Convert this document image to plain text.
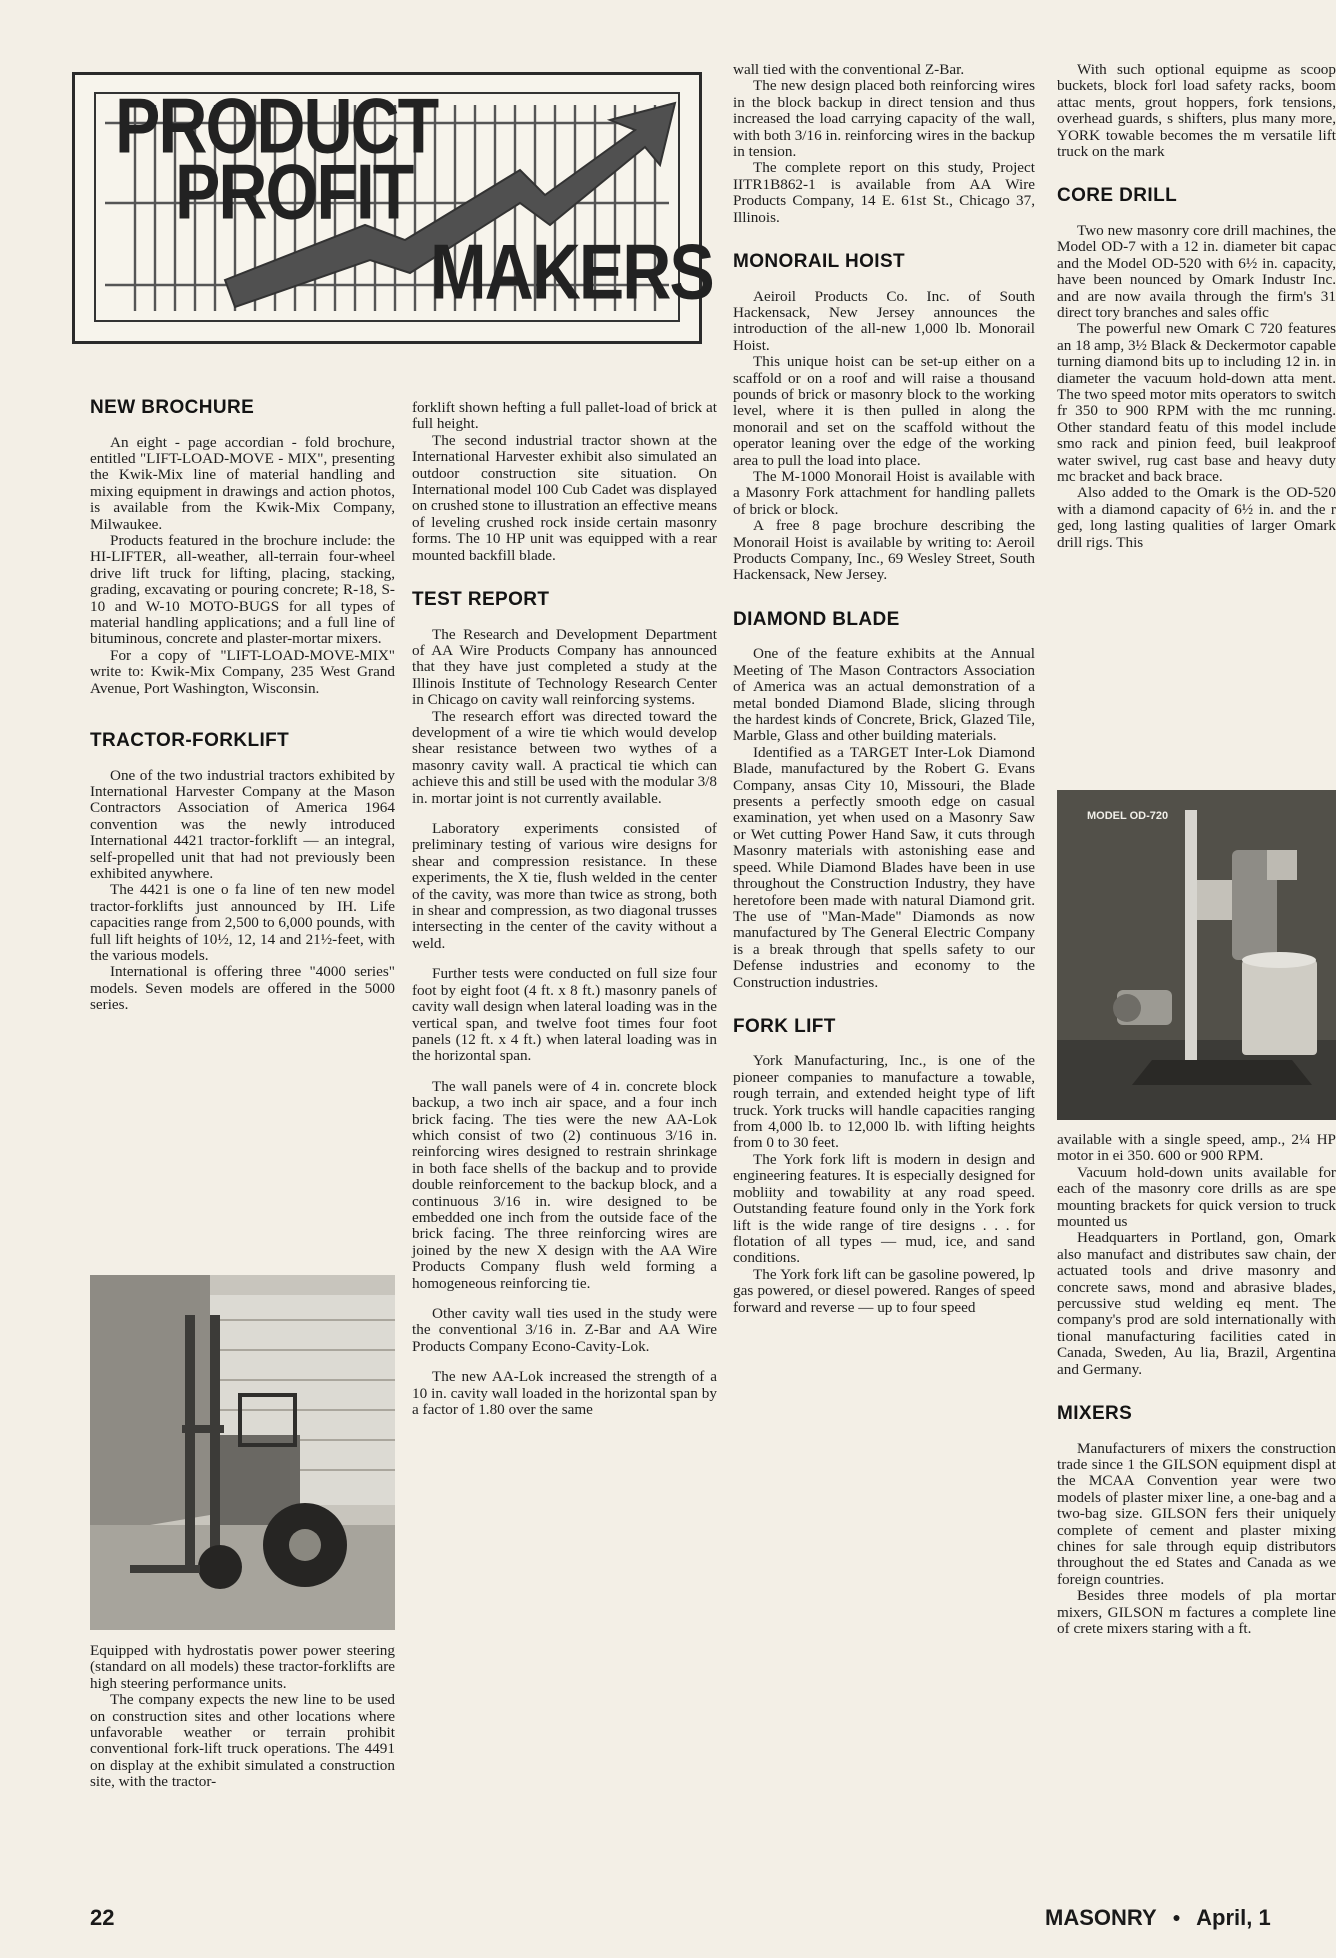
PRODUCT
PROFIT
MAKERS
MODEL OD-720
NEW BROCHURE

An eight - page accordian - fold brochure, entitled "LIFT-LOAD-MOVE - MIX", presenting the Kwik-Mix line of material handling and mixing equipment in drawings and action photos, is available from the Kwik-Mix Company, Milwaukee.

Products featured in the brochure include: the HI-LIFTER, all-weather, all-terrain four-wheel drive lift truck for lifting, placing, stacking, grading, excavating or pouring concrete; R-18, S-10 and W-10 MOTO-BUGS for all types of material handling applications; and a full line of bituminous, concrete and plaster-mortar mixers.

For a copy of "LIFT-LOAD-MOVE-MIX" write to: Kwik-Mix Company, 235 West Grand Avenue, Port Washington, Wisconsin.

TRACTOR-FORKLIFT

One of the two industrial tractors exhibited by International Harvester Company at the Mason Contractors Association of America 1964 convention was the newly introduced International 4421 tractor-forklift — an integral, self-propelled unit that had not previously been exhibited anywhere.

The 4421 is one o fa line of ten new model tractor-forklifts just announced by IH. Life capacities range from 2,500 to 6,000 pounds, with full lift heights of 10½, 12, 14 and 21½-feet, with the various models.

International is offering three "4000 series" models. Seven models are offered in the 5000 series.

Equipped with hydrostatis power power steering (standard on all models) these tractor-forklifts are high steering performance units.

The company expects the new line to be used on construction sites and other locations where unfavorable weather or terrain prohibit conventional fork-lift truck operations. The 4491 on display at the exhibit simulated a construction site, with the tractor-

forklift shown hefting a full pallet-load of brick at full height.

The second industrial tractor shown at the International Harvester exhibit also simulated an outdoor construction site situation. On International model 100 Cub Cadet was displayed on crushed stone to illustration an effective means of leveling crushed rock inside certain masonry forms. The 10 HP unit was equipped with a rear mounted backfill blade.

TEST REPORT

The Research and Development Department of AA Wire Products Company has announced that they have just completed a study at the Illinois Institute of Technology Research Center in Chicago on cavity wall reinforcing systems.

The research effort was directed toward the development of a wire tie which would develop shear resistance between two wythes of a masonry cavity wall. A practical tie which can achieve this and still be used with the modular 3/8 in. mortar joint is not currently available.

Laboratory experiments consisted of preliminary testing of various wire designs for shear and compression resistance. In these experiments, the X tie, flush welded in the center of the cavity, was more than twice as strong, both in shear and compression, as two diagonal trusses intersecting in the center of the cavity without a weld.

Further tests were conducted on full size four foot by eight foot (4 ft. x 8 ft.) masonry panels of cavity wall design when lateral loading was in the vertical span, and twelve foot times four foot panels (12 ft. x 4 ft.) when lateral loading was in the horizontal span.

The wall panels were of 4 in. concrete block backup, a two inch air space, and a four inch brick facing. The ties were the new AA-Lok which consist of two (2) continuous 3/16 in. reinforcing wires designed to restrain shrinkage in both face shells of the backup and to provide double reinforcement to the backup block, and a continuous 3/16 in. wire designed to be embedded one inch from the outside face of the brick facing. The three reinforcing wires are joined by the new X design with the AA Wire Products Company flush weld forming a homogeneous reinforcing tie.

Other cavity wall ties used in the study were the conventional 3/16 in. Z-Bar and AA Wire Products Company Econo-Cavity-Lok.

The new AA-Lok increased the strength of a 10 in. cavity wall loaded in the horizontal span by a factor of 1.80 over the same

wall tied with the conventional Z-Bar.

The new design placed both reinforcing wires in the block backup in direct tension and thus increased the load carrying capacity of the wall, with both 3/16 in. reinforcing wires in the backup in tension.

The complete report on this study, Project IITR1B862-1 is available from AA Wire Products Company, 14 E. 61st St., Chicago 37, Illinois.

MONORAIL HOIST

Aeiroil Products Co. Inc. of South Hackensack, New Jersey announces the introduction of the all-new 1,000 lb. Monorail Hoist.

This unique hoist can be set-up either on a scaffold or on a roof and will raise a thousand pounds of brick or masonry block to the working level, where it is then pulled in along the monorail and set on the scaffold without the operator leaning over the edge of the working area to pull the load into place.

The M-1000 Monorail Hoist is available with a Masonry Fork attachment for handling pallets of brick or block.

A free 8 page brochure describing the Monorail Hoist is available by writing to: Aeroil Products Company, Inc., 69 Wesley Street, South Hackensack, New Jersey.

DIAMOND BLADE

One of the feature exhibits at the Annual Meeting of The Mason Contractors Association of America was an actual demonstration of a metal bonded Diamond Blade, slicing through the hardest kinds of Concrete, Brick, Glazed Tile, Marble, Glass and other building materials.

Identified as a TARGET Inter-Lok Diamond Blade, manufactured by the Robert G. Evans Company, ansas City 10, Missouri, the Blade presents a perfectly smooth edge on casual examination, yet when used on a Masonry Saw or Wet cutting Power Hand Saw, it cuts through Masonry materials with astonishing ease and speed. While Diamond Blades have been in use throughout the Construction Industry, they have heretofore been made with natural Diamond grit. The use of "Man-Made" Diamonds as now manufactured by The General Electric Company is a break through that spells safety to our Defense industries and economy to the Construction industries.

FORK LIFT

York Manufacturing, Inc., is one of the pioneer companies to manufacture a towable, rough terrain, and extended height type of lift truck. York trucks will handle capacities ranging from 4,000 lb. to 12,000 lb. with lifting heights from 0 to 30 feet.

The York fork lift is modern in design and engineering features. It is especially designed for mobliity and towability at any road speed. Outstanding feature found only in the York fork lift is the wide range of tire designs . . . for flotation of all types — mud, ice, and sand conditions.

The York fork lift can be gasoline powered, lp gas powered, or diesel powered. Ranges of speed forward and reverse — up to four speed

With such optional equipme as scoop buckets, block forl load safety racks, boom attac ments, grout hoppers, fork tensions, overhead guards, s shifters, plus many more, YORK towable becomes the m versatile lift truck on the mark

CORE DRILL

Two new masonry core drill machines, the Model OD-7 with a 12 in. diameter bit capac and the Model OD-520 with 6½ in. capacity, have been nounced by Omark Industr Inc. and are now availa through the firm's 31 direct tory branches and sales offic

The powerful new Omark C 720 features an 18 amp, 3½ Black & Deckermotor capable turning diamond bits up to including 12 in. in diameter the vacuum hold-down atta ment. The two speed motor mits operators to switch fr 350 to 900 RPM with the mc running. Other standard featu of this model include smo rack and pinion feed, buil leakproof water swivel, rug cast base and heavy duty mc bracket and back brace.

Also added to the Omark is the OD-520 with a diamond capacity of 6½ in. and the r ged, long lasting qualities of larger Omark drill rigs. This

available with a single speed, amp., 2¼ HP motor in ei 350. 600 or 900 RPM.

Vacuum hold-down units available for each of the masonry core drills as are spe mounting brackets for quick version to truck mounted us

Headquarters in Portland, gon, Omark also manufact and distributes saw chain, der actuated tools and drive masonry and concrete saws, mond and abrasive blades, percussive stud welding eq ment. The company's prod are sold internationally with tional manufacturing facilities cated in Canada, Sweden, Au lia, Brazil, Argentina and Germany.

MIXERS

Manufacturers of mixers the construction trade since 1 the GILSON equipment displ at the MCAA Convention year were two models of plaster mixer line, a one-bag and a two-bag size. GILSON fers their uniquely complete of cement and plaster mixing chines for sale through equip distributors throughout the ed States and Canada as we foreign countries.

Besides three models of pla mortar mixers, GILSON m factures a complete line of crete mixers staring with a ft.

22	MASONRY ● April, 1
